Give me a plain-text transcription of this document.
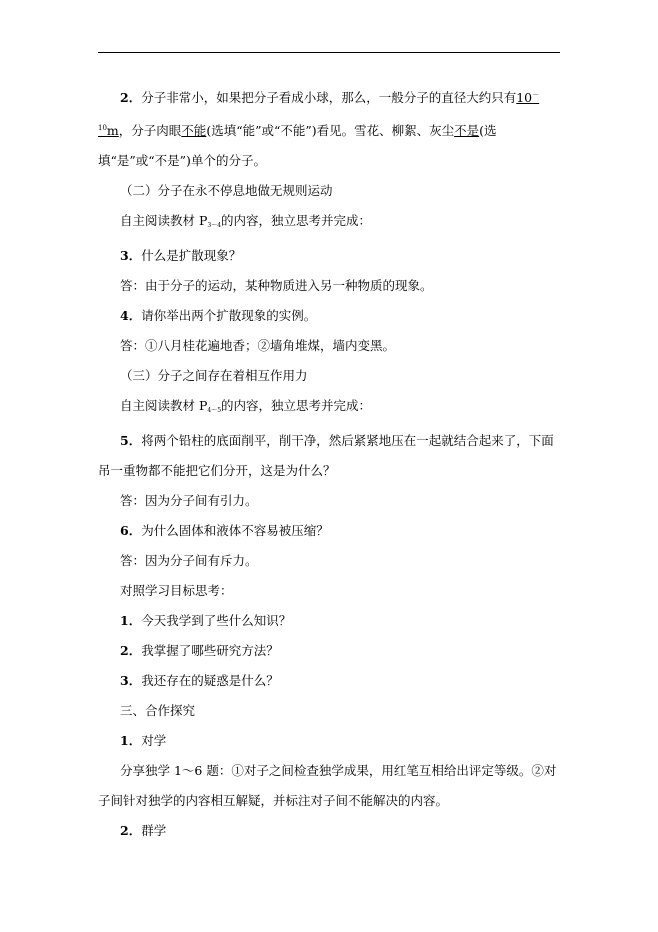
2．分子非常小，如果把分子看成小球，那么，一般分子的直径大约只有$10^{-10}m$，分子肉眼不能(选填“能”或“不能”)看见。雪花、柳絮、灰尘不是(选填“是”或“不是”)单个的分子。

（二）分子在永不停息地做无规则运动

自主阅读教材 $P_{3\sim 4}$的内容，独立思考并完成：

3．什么是扩散现象？

答：由于分子的运动，某种物质进入另一种物质的现象。

4．请你举出两个扩散现象的实例。

答：①八月桂花遍地香；②墙角堆煤，墙内变黑。

（三）分子之间存在着相互作用力

自主阅读教材 $P_{4\sim 5}$的内容，独立思考并完成：

5．将两个铅柱的底面削平，削干净，然后紧紧地压在一起就结合起来了，下面吊一重物都不能把它们分开，这是为什么？

答：因为分子间有引力。

6．为什么固体和液体不容易被压缩？

答：因为分子间有斥力。

对照学习目标思考：

1．今天我学到了些什么知识？

2．我掌握了哪些研究方法？

3．我还存在的疑惑是什么？

三、合作探究

1．对学

分享独学 1～6 题：①对子之间检查独学成果，用红笔互相给出评定等级。②对子间针对独学的内容相互解疑，并标注对子间不能解决的内容。

2．群学
